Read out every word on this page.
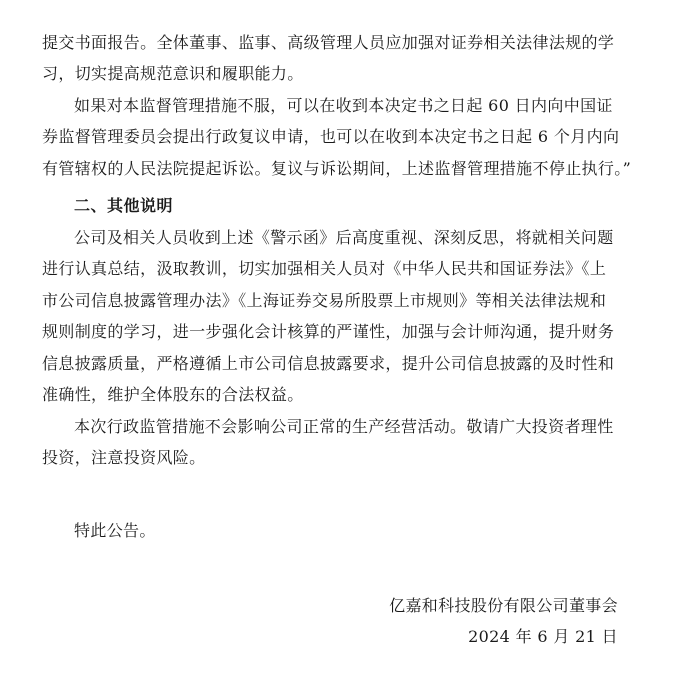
提交书面报告。全体董事、监事、高级管理人员应加强对证券相关法律法规的学
习，切实提高规范意识和履职能力。
如果对本监督管理措施不服，可以在收到本决定书之日起 60 日内向中国证
券监督管理委员会提出行政复议申请，也可以在收到本决定书之日起 6 个月内向
有管辖权的人民法院提起诉讼。复议与诉讼期间，上述监督管理措施不停止执行。”
二、其他说明
公司及相关人员收到上述《警示函》后高度重视、深刻反思，将就相关问题
进行认真总结，汲取教训，切实加强相关人员对《中华人民共和国证券法》《上
市公司信息披露管理办法》《上海证券交易所股票上市规则》等相关法律法规和
规则制度的学习，进一步强化会计核算的严谨性，加强与会计师沟通，提升财务
信息披露质量，严格遵循上市公司信息披露要求，提升公司信息披露的及时性和
准确性，维护全体股东的合法权益。
本次行政监管措施不会影响公司正常的生产经营活动。敬请广大投资者理性
投资，注意投资风险。
特此公告。
亿嘉和科技股份有限公司董事会
2024 年 6 月 21 日
